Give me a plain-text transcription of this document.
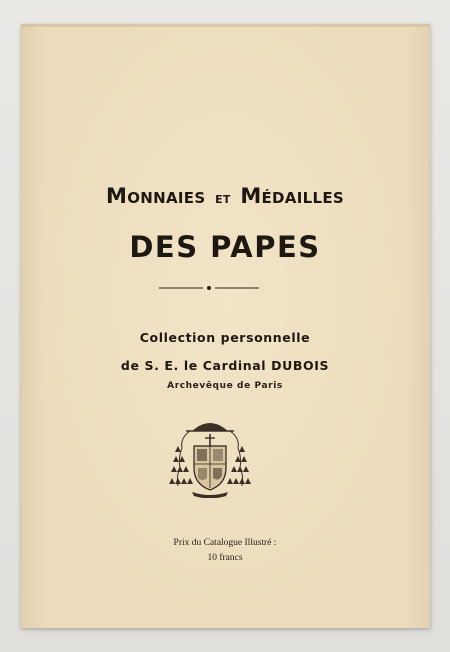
Monnaies et Médailles
DES PAPES
Collection personnelle
de S. E. le Cardinal DUBOIS
Archevêque de Paris
Prix du Catalogue Illustré :
10 francs
